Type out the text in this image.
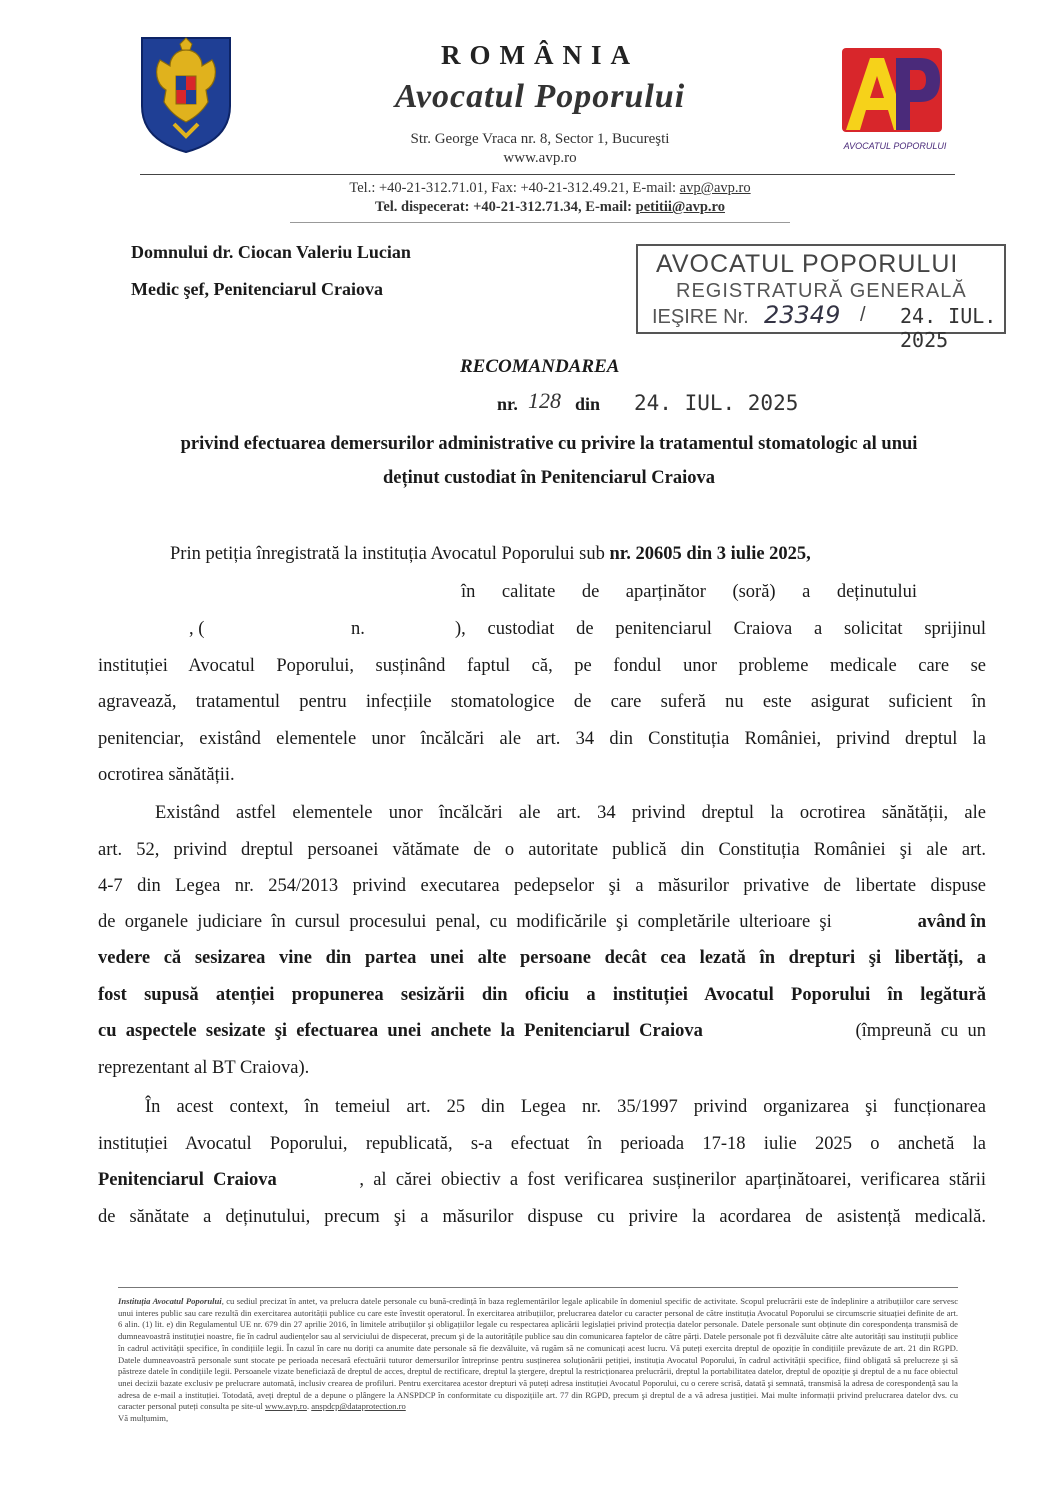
ROMÂNIA
Avocatul Poporului
Str. George Vraca nr. 8, Sector 1, Bucureşti
www.avp.ro
AVOCATUL POPORULUI
Tel.: +40-21-312.71.01, Fax: +40-21-312.49.21, E-mail: avp@avp.ro
Tel. dispecerat: +40-21-312.71.34, E-mail: petitii@avp.ro
Domnului dr. Ciocan Valeriu Lucian
Medic şef, Penitenciarul Craiova
AVOCATUL POPORULUI
REGISTRATURĂ GENERALĂ
IEŞIRE Nr. 23349 / 24. IUL. 2025
RECOMANDAREA
nr. 128 din 24. IUL. 2025
privind efectuarea demersurilor administrative cu privire la tratamentul stomatologic al unui
deținut custodiat în Penitenciarul Craiova
Prin petiția înregistrată la instituția Avocatul Poporului sub nr. 20605 din 3 iulie 2025,
în calitate de aparținător (soră) a deținutului
, (	n.	), custodiat de penitenciarul Craiova a solicitat sprijinul
instituției Avocatul Poporului, susținând faptul că, pe fondul unor probleme medicale care se
agravează, tratamentul pentru infecțiile stomatologice de care suferă nu este asigurat suficient în
penitenciar, existând elementele unor încălcări ale art. 34 din Constituția României, privind dreptul la
ocrotirea sănătății.
Existând astfel elementele unor încălcări ale art. 34 privind dreptul la ocrotirea sănătății, ale
art. 52, privind dreptul persoanei vătămate de o autoritate publică din Constituția României şi ale art.
4-7 din Legea nr. 254/2013 privind executarea pedepselor şi a măsurilor privative de libertate dispuse
de  organele  judiciare  în  cursul  procesului  penal,  cu  modificările  şi  completările  ulterioare  şi	având în
vedere că sesizarea vine din partea unei alte persoane decât cea lezată în drepturi şi libertăți, a
fost supusă atenției propunerea sesizării din oficiu a instituției Avocatul Poporului în legătură
cu  aspectele  sesizate  şi  efectuarea  unei  anchete  la  Penitenciarul  Craiova	(împreună  cu  un
reprezentant al BT Craiova).
În acest context, în temeiul art. 25 din Legea nr. 35/1997 privind organizarea şi funcționarea
instituției Avocatul Poporului, republicată, s-a efectuat în perioada 17-18 iulie 2025 o anchetă la
Penitenciarul  Craiova	,  al  cărei  obiectiv  a  fost  verificarea  susținerilor  aparținătoarei,  verificarea  stării
de sănătate a deținutului, precum şi a măsurilor dispuse cu privire la acordarea de asistență medicală.
Instituția Avocatul Poporului, cu sediul precizat în antet, va prelucra datele personale cu bună-credință în baza reglementărilor legale aplicabile în domeniul specific de activitate. Scopul prelucrării este de îndeplinire a atribuțiilor care servesc unui interes public sau care rezultă din exercitarea autorității publice cu care este învestit operatorul. În exercitarea atribuțiilor, prelucrarea datelor cu caracter personal de către instituția Avocatul Poporului se circumscrie situației definite de art. 6 alin. (1) lit. e) din Regulamentul UE nr. 679 din 27 aprilie 2016, în limitele atribuțiilor şi obligațiilor legale cu respectarea aplicării legislației privind protecția datelor personale. Datele personale sunt obținute din corespondența transmisă de dumneavoastră instituției noastre, fie în cadrul audiențelor sau al serviciului de dispecerat, precum şi de la autoritățile publice sau din comunicarea faptelor de către părți. Datele personale pot fi dezvăluite către alte autorități sau instituții publice în cadrul activității specifice, în condițiile legii. În cazul în care nu doriți ca anumite date personale să fie dezvăluite, vă rugăm să ne comunicați acest lucru. Vă puteți exercita dreptul de opoziție în condițiile prevăzute de art. 21 din RGPD. Datele dumneavoastră personale sunt stocate pe perioada necesară efectuării tuturor demersurilor întreprinse pentru susținerea soluționării petiției, instituția Avocatul Poporului, în cadrul activității specifice, fiind obligată să prelucreze şi să păstreze datele în condițiile legii. Persoanele vizate beneficiază de dreptul de acces, dreptul de rectificare, dreptul la ştergere, dreptul la restricționarea prelucrării, dreptul la portabilitatea datelor, dreptul de opoziție şi dreptul de a nu face obiectul unei decizii bazate exclusiv pe prelucrare automată, inclusiv crearea de profiluri. Pentru exercitarea acestor drepturi vă puteți adresa instituției Avocatul Poporului, cu o cerere scrisă, datată şi semnată, transmisă la adresa de corespondență sau la adresa de e-mail a instituției. Totodată, aveți dreptul de a depune o plângere la ANSPDCP în conformitate cu dispozițiile art. 77 din RGPD, precum şi dreptul de a vă adresa justiției. Mai multe informații privind prelucrarea datelor dvs. cu caracter personal puteți consulta pe site-ul www.avp.ro. anspdcp@dataprotection.ro
Vă mulțumim,
